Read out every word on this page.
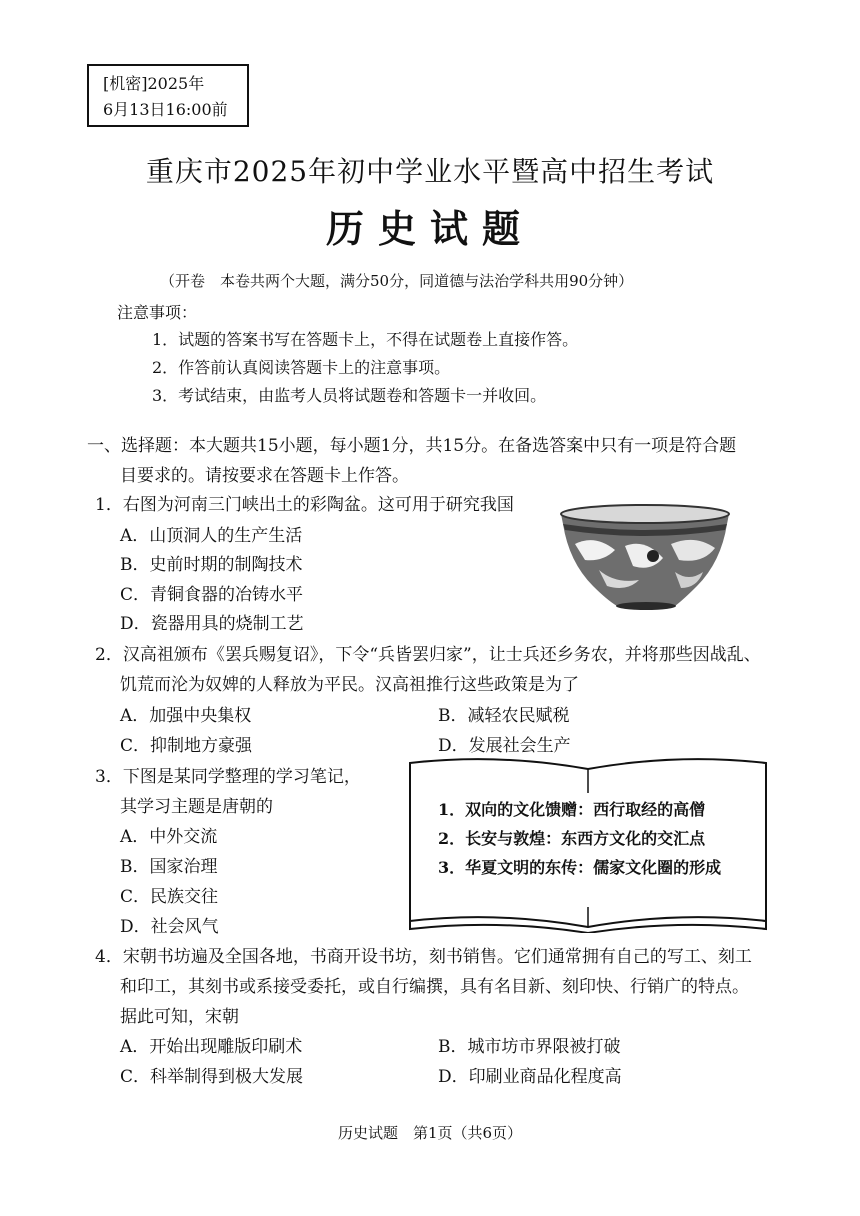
[机密]2025年
6月13日16:00前
重庆市2025年初中学业水平暨高中招生考试
历史试题
（开卷　本卷共两个大题，满分50分，同道德与法治学科共用90分钟）
注意事项：
1．试题的答案书写在答题卡上，不得在试题卷上直接作答。
2．作答前认真阅读答题卡上的注意事项。
3．考试结束，由监考人员将试题卷和答题卡一并收回。
一、选择题：本大题共15小题，每小题1分，共15分。在备选答案中只有一项是符合题
目要求的。请按要求在答题卡上作答。
1．右图为河南三门峡出土的彩陶盆。这可用于研究我国
A．山顶洞人的生产生活
B．史前时期的制陶技术
C．青铜食器的冶铸水平
D．瓷器用具的烧制工艺
2．汉高祖颁布《罢兵赐复诏》，下令“兵皆罢归家”，让士兵还乡务农，并将那些因战乱、
饥荒而沦为奴婢的人释放为平民。汉高祖推行这些政策是为了
A．加强中央集权	B．减轻农民赋税
C．抑制地方豪强	D．发展社会生产
3．下图是某同学整理的学习笔记，
其学习主题是唐朝的
A．中外交流
B．国家治理
C．民族交往
D．社会风气
1．双向的文化馈赠：西行取经的高僧
2．长安与敦煌：东西方文化的交汇点
3．华夏文明的东传：儒家文化圈的形成
4．宋朝书坊遍及全国各地，书商开设书坊，刻书销售。它们通常拥有自己的写工、刻工
和印工，其刻书或系接受委托，或自行编撰，具有名目新、刻印快、行销广的特点。
据此可知，宋朝
A．开始出现雕版印刷术	B．城市坊市界限被打破
C．科举制得到极大发展	D．印刷业商品化程度高
历史试题　第1页（共6页）
